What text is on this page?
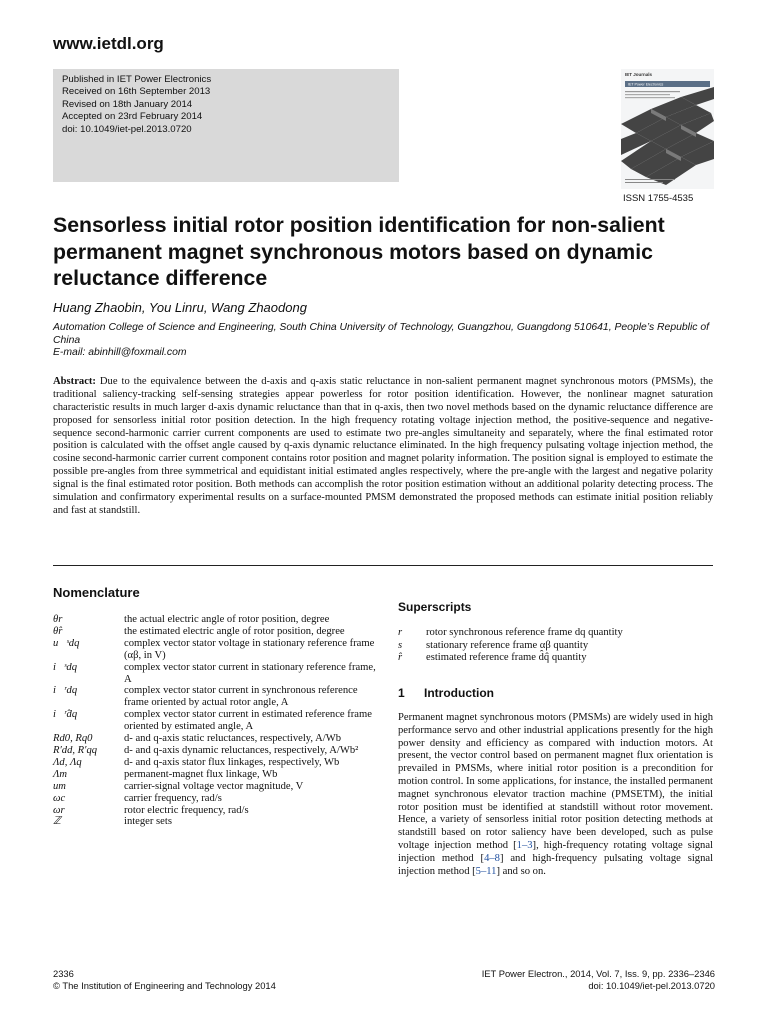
www.ietdl.org
Published in IET Power Electronics
Received on 16th September 2013
Revised on 18th January 2014
Accepted on 23rd February 2014
doi: 10.1049/iet-pel.2013.0720
IET Journals
IET Power Electronics
ISSN 1755-4535
Sensorless initial rotor position identification for non-salient permanent magnet synchronous motors based on dynamic reluctance difference
Huang Zhaobin, You Linru, Wang Zhaodong
Automation College of Science and Engineering, South China University of Technology, Guangzhou, Guangdong 510641, People’s Republic of China
E-mail: abinhill@foxmail.com
Abstract: Due to the equivalence between the d-axis and q-axis static reluctance in non-salient permanent magnet synchronous motors (PMSMs), the traditional saliency-tracking self-sensing strategies appear powerless for rotor position identification. However, the nonlinear magnet saturation characteristic results in much larger d-axis dynamic reluctance than that in q-axis, then two novel methods based on the dynamic reluctance difference are proposed for sensorless initial rotor position detection. In the high frequency rotating voltage injection method, the positive-sequence and negative-sequence second-harmonic carrier current components are used to estimate two pre-angles simultaneity and separately, where the final estimated rotor position is calculated with the offset angle caused by q-axis dynamic reluctance eliminated. In the high frequency pulsating voltage injection method, the cosine second-harmonic carrier current component contains rotor position and magnet polarity information. The position signal is employed to estimate the possible pre-angles from three symmetrical and equidistant initial estimated angles respectively, where the pre-angle with the largest and negative polarity signal is the final estimated rotor position. Both methods can accomplish the rotor position estimation without an additional polarity detecting process. The simulation and confirmatory experimental results on a surface-mounted PMSM demonstrated the proposed methods can estimate initial position reliably and fast at standstill.
Nomenclature
θr	the actual electric angle of rotor position, degree
θ̂r	the estimated electric angle of rotor position, degree
u⃗ˢdq	complex vector stator voltage in stationary reference frame (αβ, in V)
i⃗ˢdq	complex vector stator current in stationary reference frame, A
i⃗ʳdq	complex vector stator current in synchronous reference frame oriented by actual rotor angle, A
i⃗ʳ̂dq	complex vector stator current in estimated reference frame oriented by estimated angle, A
Rd0, Rq0	d- and q-axis static reluctances, respectively, A/Wb
R′dd, R′qq	d- and q-axis dynamic reluctances, respectively, A/Wb²
Λd, Λq	d- and q-axis stator flux linkages, respectively, Wb
Λm	permanent-magnet flux linkage, Wb
um	carrier-signal voltage vector magnitude, V
ωc	carrier frequency, rad/s
ωr	rotor electric frequency, rad/s
ℤ	integer sets
Superscripts
r rotor synchronous reference frame dq quantity
s stationary reference frame αβ quantity
r̂ estimated reference frame d̂q̂ quantity
1 Introduction
Permanent magnet synchronous motors (PMSMs) are widely used in high performance servo and other industrial applications presently for the high power density and efficiency as compared with induction motors. At present, the vector control based on permanent magnet flux orientation is prevailed in PMSMs, where initial rotor position is a precondition for motion control. In some applications, for instance, the installed permanent magnet synchronous elevator traction machine (PMSETM), the initial rotor position must be identified at standstill without rotor movement. Hence, a variety of sensorless initial rotor position detecting methods at standstill based on rotor saliency have been developed, such as pulse voltage injection method [1–3], high-frequency rotating voltage signal injection method [4–8] and high-frequency pulsating voltage signal injection method [5–11] and so on.
2336
© The Institution of Engineering and Technology 2014
IET Power Electron., 2014, Vol. 7, Iss. 9, pp. 2336–2346
doi: 10.1049/iet-pel.2013.0720
